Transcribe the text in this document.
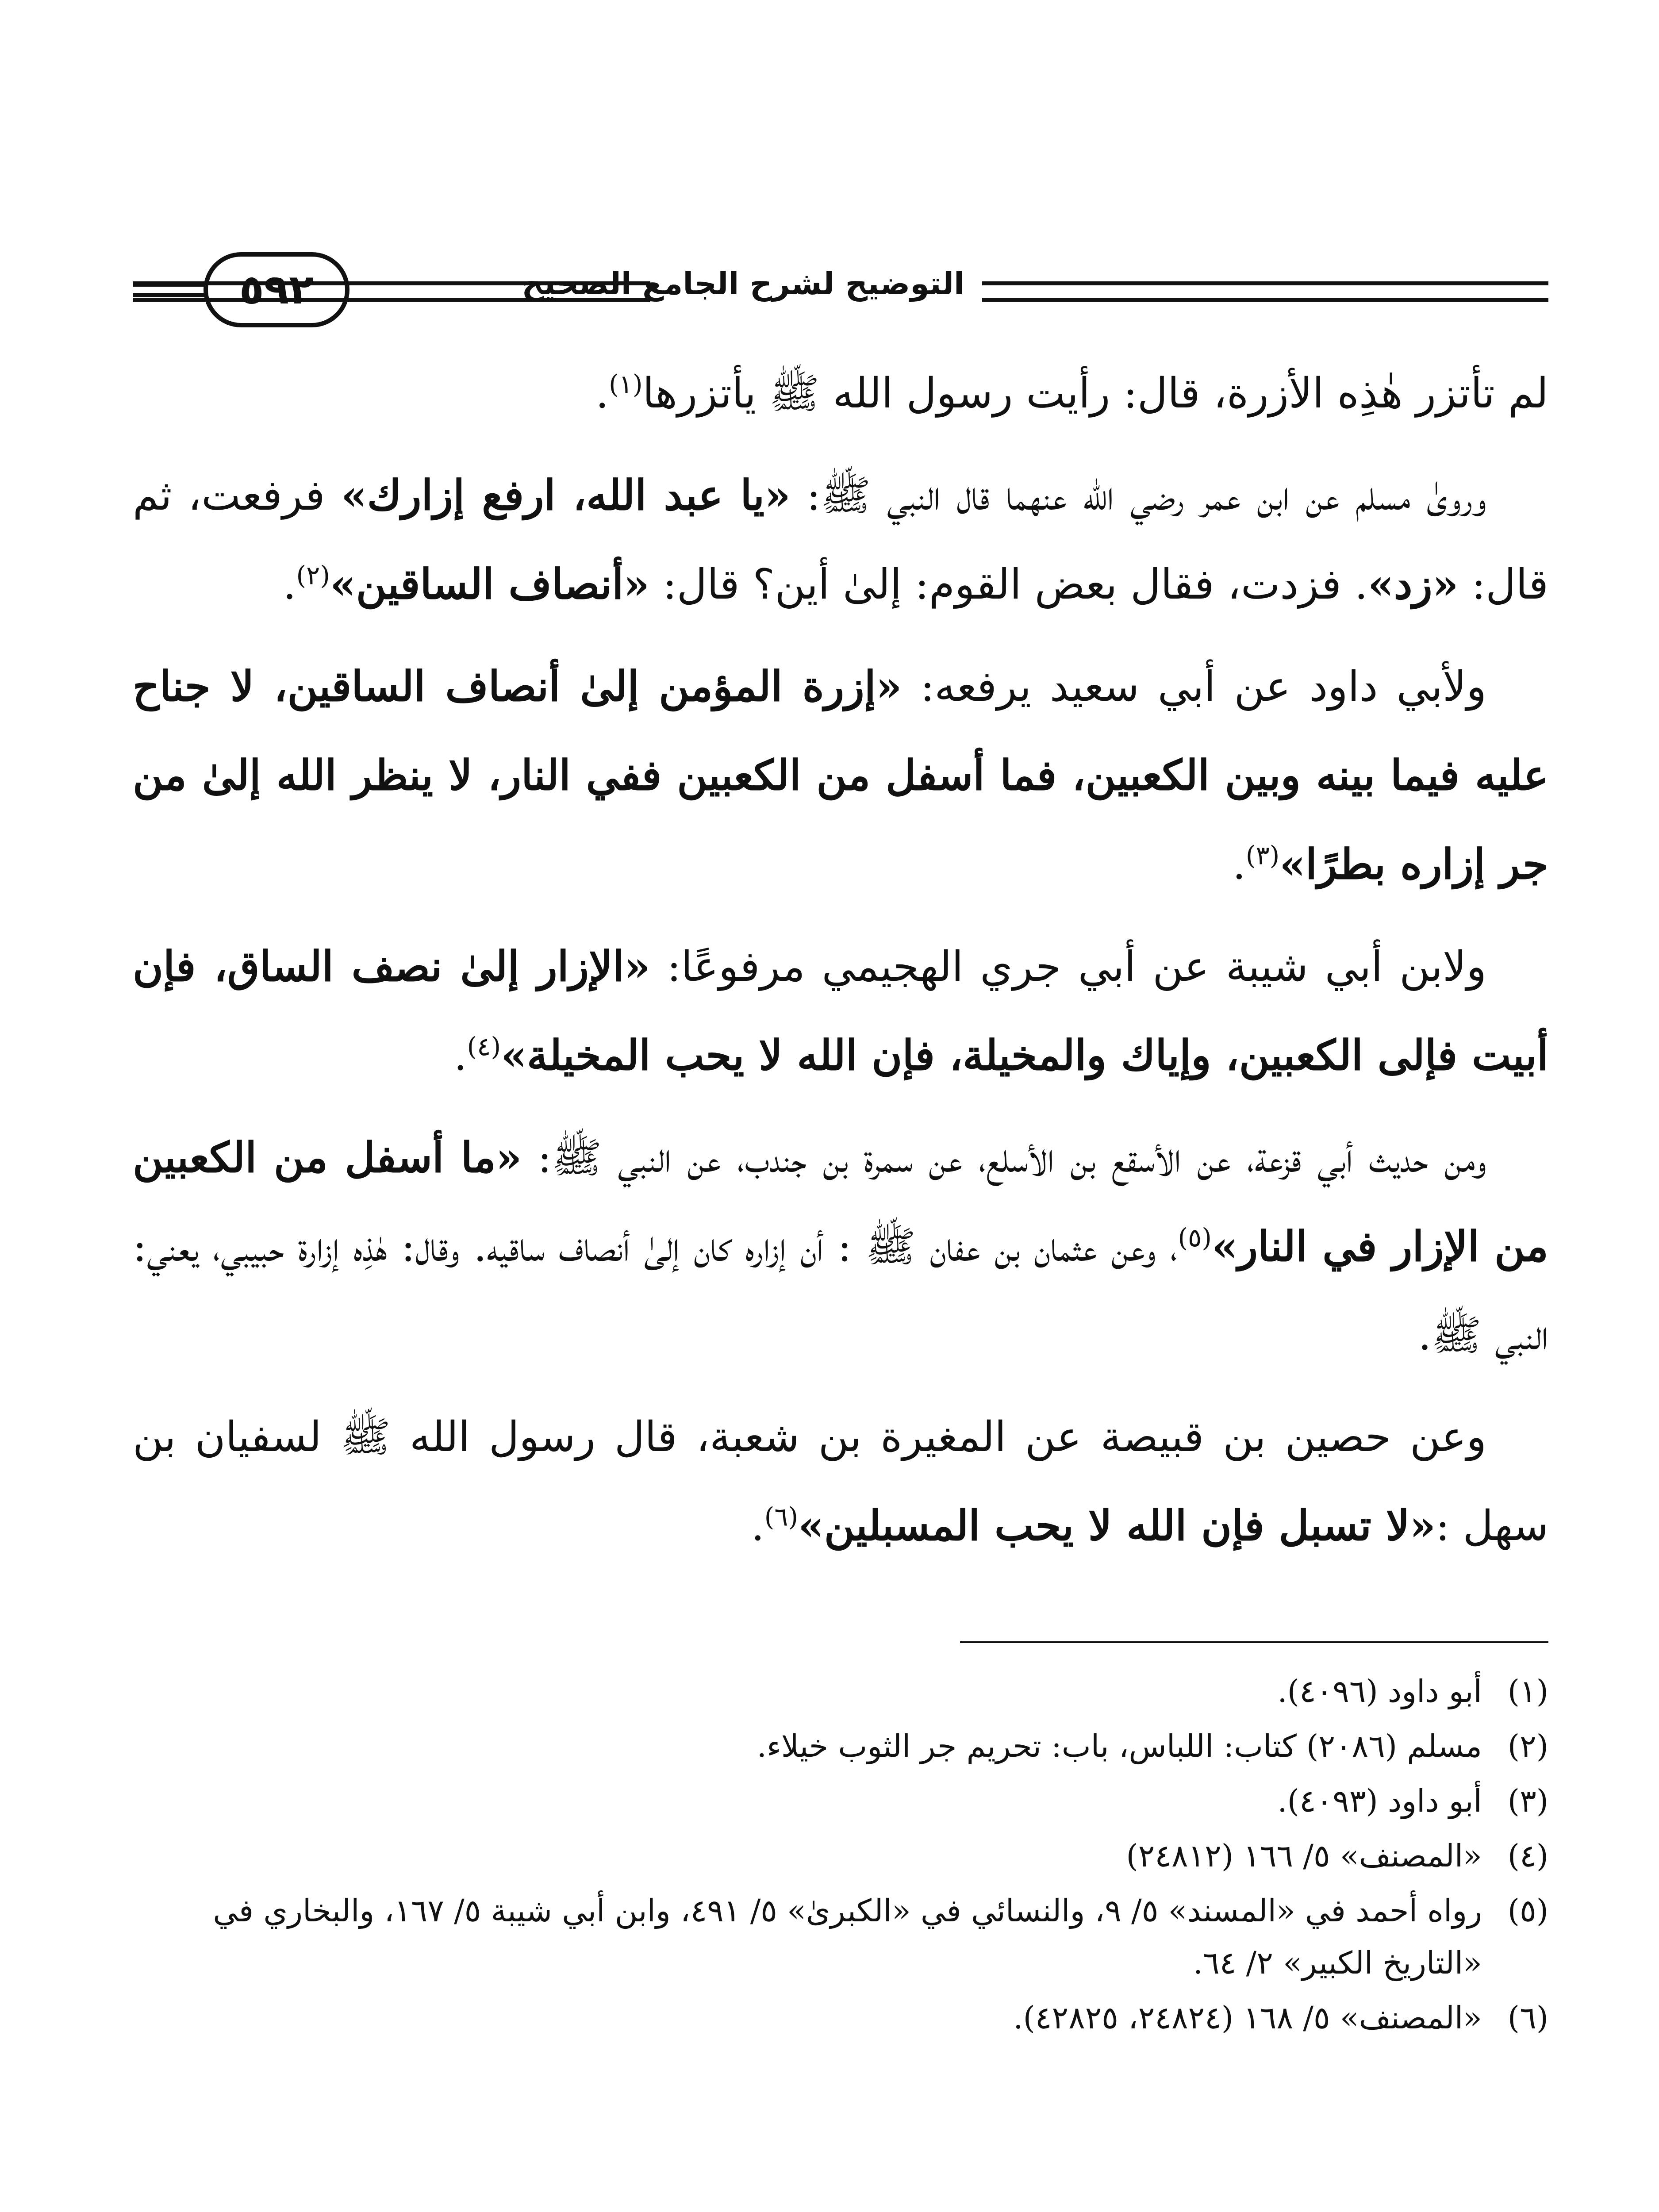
التوضيح لشرح الجامع الصحيح
٥٩٢

لم تأتزر هٰذِه الأزرة، قال: رأيت رسول الله ﷺ يأتزرها$^{(١)}$.

ورویٰ مسلم عن ابن عمر رضي الله عنهما قال النبي ﷺ: «يا عبد الله، ارفع إزارك» فرفعت، ثم قال: «زد». فزدت، فقال بعض القوم: إلىٰ أين؟ قال: «أنصاف الساقين»$^{(٢)}$.

ولأبي داود عن أبي سعيد يرفعه: «إزرة المؤمن إلىٰ أنصاف الساقين، لا جناح عليه فيما بينه وبين الكعبين، فما أسفل من الكعبين ففي النار، لا ينظر الله إلىٰ من جر إزاره بطرًا»$^{(٣)}$.

ولابن أبي شيبة عن أبي جري الهجيمي مرفوعًا: «الإزار إلىٰ نصف الساق، فإن أبيت فإلى الكعبين، وإياك والمخيلة، فإن الله لا يحب المخيلة»$^{(٤)}$.

ومن حديث أبي قزعة، عن الأسقع بن الأسلع، عن سمرة بن جندب، عن النبي ﷺ: «ما أسفل من الكعبين من الإزار في النار»$^{(٥)}$، وعن عثمان بن عفان ﷺ : أن إزاره كان إلىٰ أنصاف ساقيه. وقال: هٰذِه إزارة حبيبي، يعني: النبي ﷺ.

وعن حصين بن قبيصة عن المغيرة بن شعبة، قال رسول الله ﷺ لسفيان بن سهل :«لا تسبل فإن الله لا يحب المسبلين»$^{(٦)}$.

(١)
أبو داود (٤٠٩٦).
(٢)
مسلم (٢٠٨٦) كتاب: اللباس، باب: تحريم جر الثوب خيلاء.
(٣)
أبو داود (٤٠٩٣).
(٤)
«المصنف» ٥/ ١٦٦ (٢٤٨١٢)
(٥)
رواه أحمد في «المسند» ٥/ ٩، والنسائي في «الكبرىٰ» ٥/ ٤٩١، وابن أبي شيبة ٥/ ١٦٧، والبخاري في «التاريخ الكبير» ٢/ ٦٤.
(٦)
«المصنف» ٥/ ١٦٨ (٢٤٨٢٤، ٤٢٨٢٥).
